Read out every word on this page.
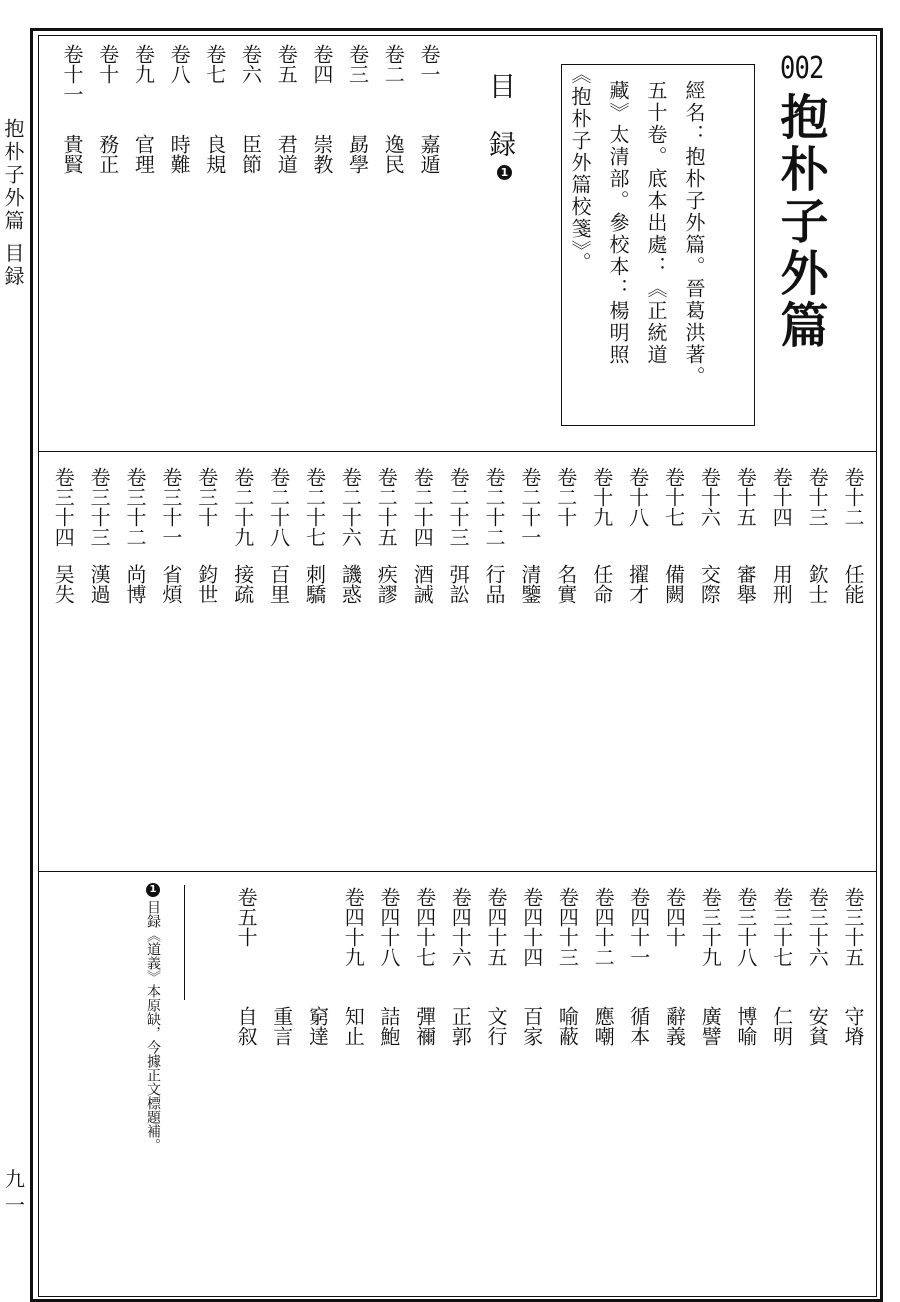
抱朴子外篇 目録
九一
002
抱朴子外篇
經名：抱朴子外篇。晉葛洪著。
五十卷。底本出處：《正統道
藏》太清部。參校本：楊明照
《抱朴子外篇校箋》。
目
録
1
卷一
嘉遁
卷二
逸民
卷三
勗學
卷四
崇教
卷五
君道
卷六
臣節
卷七
良規
卷八
時難
卷九
官理
卷十
務正
卷十一
貴賢
卷十二
任能
卷十三
欽士
卷十四
用刑
卷十五
審舉
卷十六
交際
卷十七
備闕
卷十八
擢才
卷十九
任命
卷二十
名實
卷二十一
清鑒
卷二十二
行品
卷二十三
弭訟
卷二十四
酒誡
卷二十五
疾謬
卷二十六
譏惑
卷二十七
刺驕
卷二十八
百里
卷二十九
接疏
卷三十
鈞世
卷三十一
省煩
卷三十二
尚博
卷三十三
漢過
卷三十四
吴失
卷三十五
守塉
卷三十六
安貧
卷三十七
仁明
卷三十八
博喻
卷三十九
廣譬
卷四十
辭義
卷四十一
循本
卷四十二
應嘲
卷四十三
喻蔽
卷四十四
百家
卷四十五
文行
卷四十六
正郭
卷四十七
彈禰
卷四十八
詰鮑
卷四十九
知止
窮達
重言
卷五十
自叙
1
目録《道義》本原缺，今據正文標題補。
